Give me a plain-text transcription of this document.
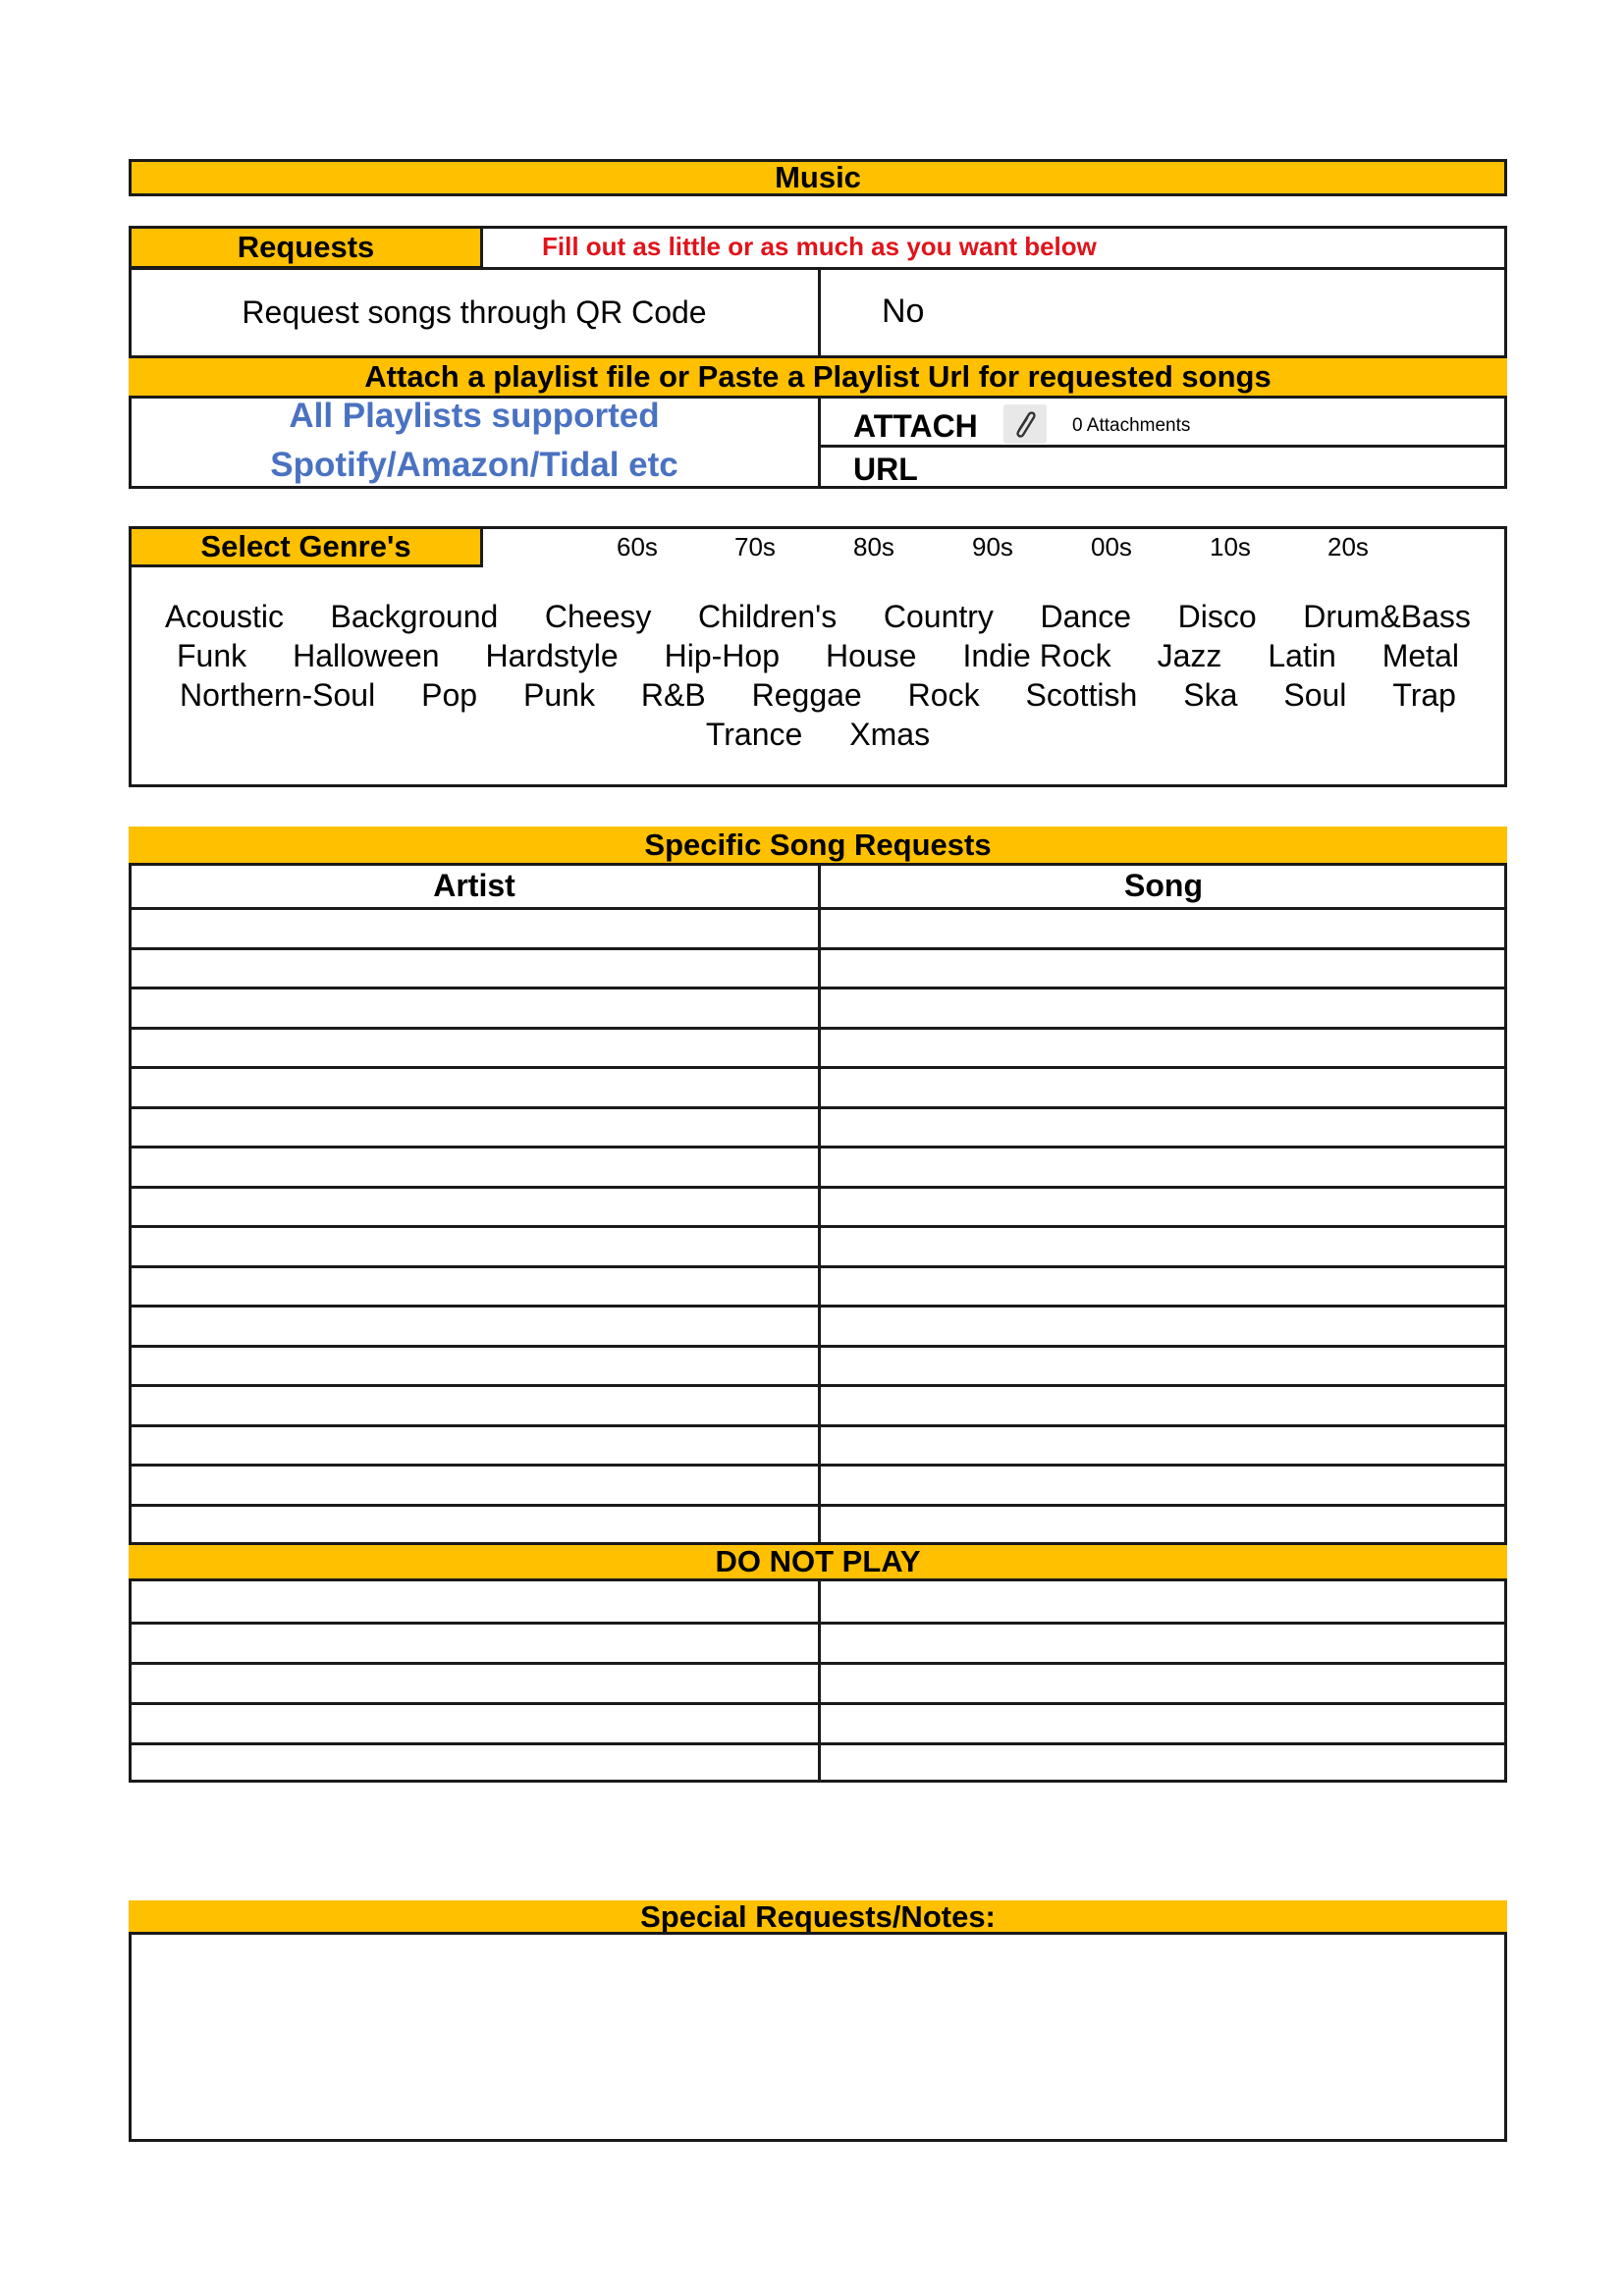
Music
Requests	Fill out as little or as much as you want below
Request songs through QR Code	No
Attach a playlist file or Paste a Playlist Url for requested songs
All Playlists supported
Spotify/Amazon/Tidal etc
ATTACH	0 Attachments
URL
Select Genre's	60s	70s	80s	90s	00s	10s	20s
Acoustic Background Cheesy Children's Country Dance Disco Drum&Bass
Funk Halloween Hardstyle Hip-Hop House Indie Rock Jazz Latin Metal
Northern-Soul Pop Punk R&B Reggae Rock Scottish Ska Soul Trap
Trance Xmas
Specific Song Requests
Artist	Song
DO NOT PLAY
Special Requests/Notes:
